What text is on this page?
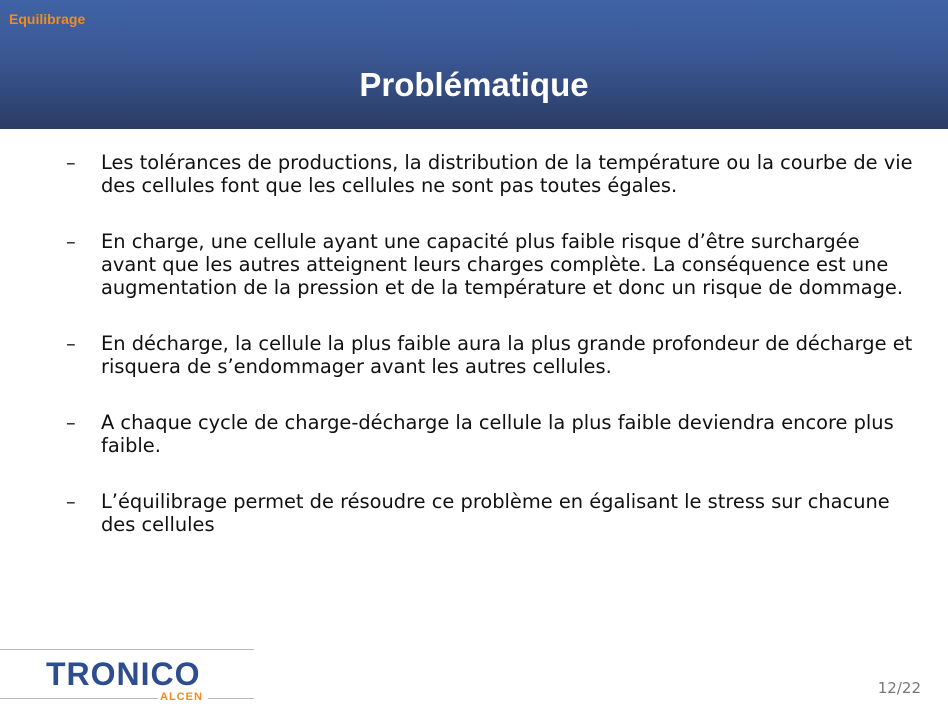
Equilibrage
Problématique
–	Les tolérances de productions, la distribution de la température ou la courbe de vie des cellules font que les cellules ne sont pas toutes égales.
–	En charge, une cellule ayant une capacité plus faible risque d’être surchargée avant que les autres atteignent leurs charges complète. La conséquence est une augmentation de la pression et de la température et donc un risque de dommage.
–	En décharge, la cellule la plus faible aura la plus grande profondeur de décharge et risquera de s’endommager avant les autres cellules.
–	A chaque cycle de charge-décharge la cellule la plus faible deviendra encore plus faible.
–	L’équilibrage permet de résoudre ce problème en égalisant le stress sur chacune des cellules
TRONICO
ALCEN	12/22
